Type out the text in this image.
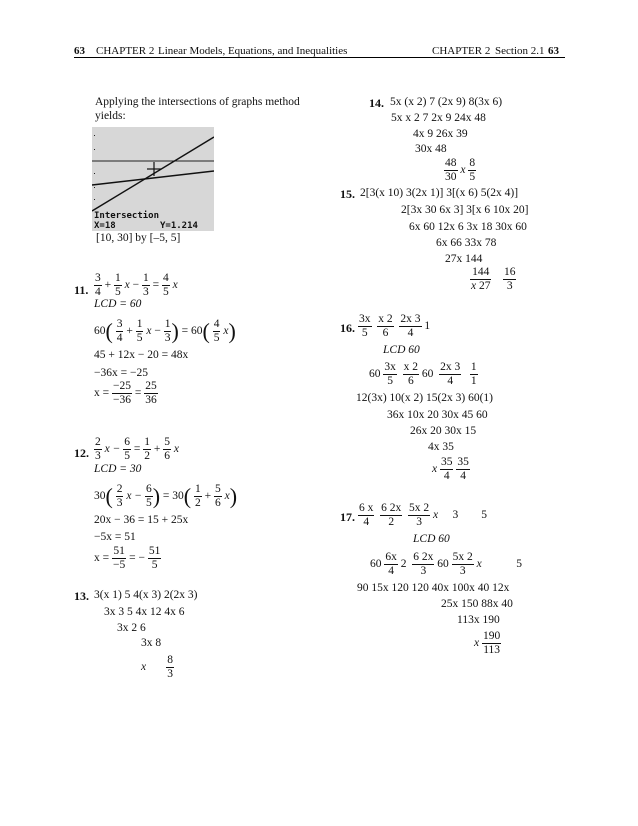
63 CHAPTER 2 Linear Models, Equations, and Inequalities	CHAPTER 2 Section 2.1 63
Applying the intersections of graphs method
yields:
Intersection
X=18	Y=1.214
[10, 30] by [–5, 5]
11. $\frac{3}{4} + \frac{1}{5}$ $x - \frac{1}{3} = \frac{4}{5}$ x
LCD = 60
$60( \frac{3}{4} + \frac{1}{5}$ $x - \frac{1}{3}$ ) = $60( \frac{4}{5} x)$
45 + 12x − 20 = 48x
−36x = −25
$x = \frac{-25}{-36} = \frac{25}{36}$
12. $\frac{2}{3}$ $x - \frac{6}{5} = \frac{1}{2} + \frac{5}{6}$ x
LCD = 30
$30( \frac{2}{3}$ $x - \frac{6}{5}$ ) = $30( \frac{1}{2} + \frac{5}{6} x)$
20x − 36 = 15 + 25x
−5x = 51
$x = \frac{51}{-5}$ = − $\frac{51}{5}$
13. 3(x 1) 5 4(x 3) 2(2x 3)
3x 3 5 4x 12 4x 6
3x 2 6
3x 8
x $\frac{8}{3}$
14. 5x (x 2) 7 (2x 9) 8(3x 6)
5x x 2 7 2x 9 24x 48
4x 9 26x 39
30x 48
$\frac{48}{30}$ x $\frac{8}{5}$
15. 2[3(x 10) 3(2x 1)] 3[(x 6) 5(2x 4)]
2[3x 30 6x 3] 3[x 6 10x 20]
6x 60 12x 6 3x 18 30x 60
6x 66 33x 78
27x 144
$\frac{144}{x 27}$
$\frac{16}{3}$
16. $\frac{3x}{5}$
$\frac{x 2}{6}$
$\frac{2x 3}{4} 1$
LCD 60
$60 \frac{3x}{5}$
$\frac{x 2}{6} 60 \frac{2x 3}{4}$
$\frac{1}{1}$
12(3x) 10(x 2) 15(2x 3) 60(1)
36x 10x 20 30x 45 60
26x 20 30x 15
4x 35
x $\frac{35}{4}$
$\frac{35}{4}$
17. $\frac{6 x}{4}$
$\frac{6 2x}{2}$
$\frac{5x 2}{3}$ x 3 5
LCD 60
$60 \frac{6x}{4} 2 \frac{6 2x}{3} 60 \frac{5x 2}{3}$ x	5
90 15x 120 120 40x 100x 40 12x
25x 150 88x 40
113x 190
x $\frac{190}{113}$
